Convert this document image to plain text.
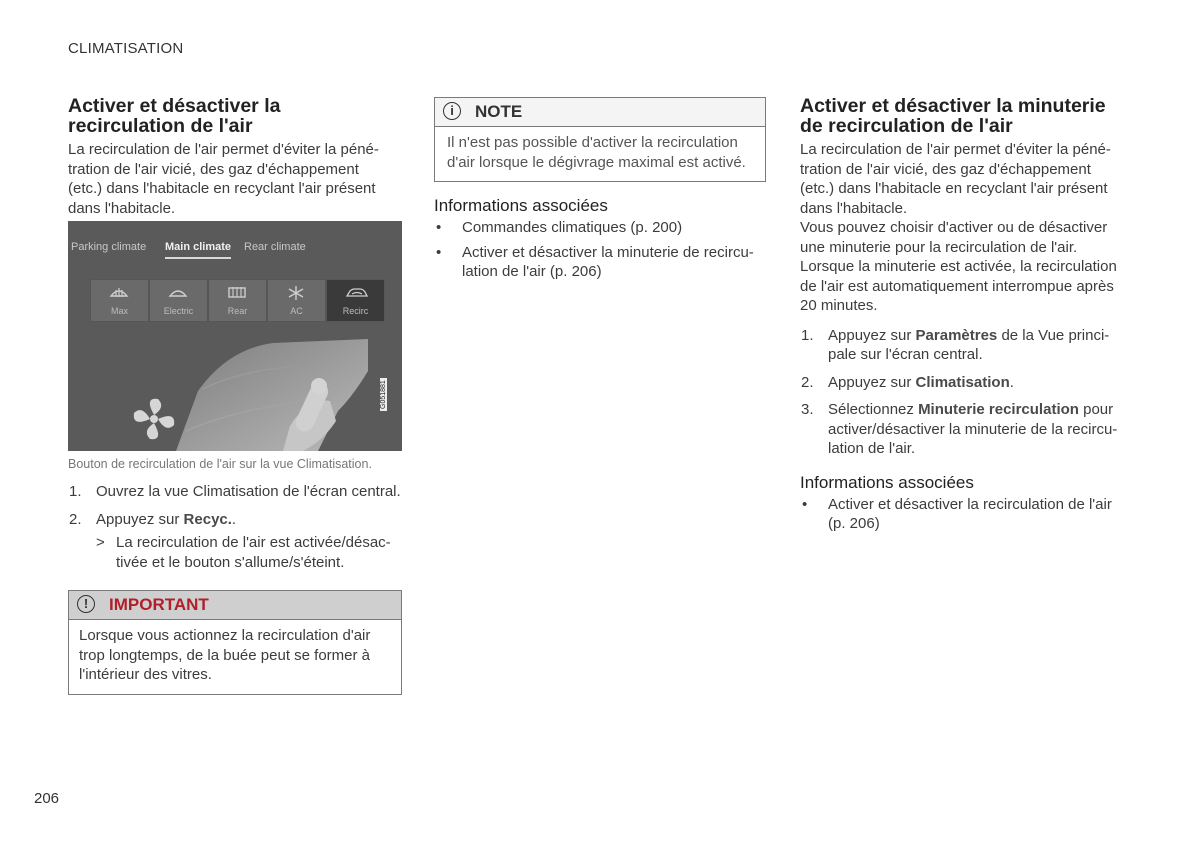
CLIMATISATION
Activer et désactiver la recirculation de l'air

La recirculation de l'air permet d'éviter la péné-
tration de l'air vicié, des gaz d'échappement
(etc.) dans l'habitacle en recyclant l'air présent
dans l'habitacle.

Parking climate Main climate Rear climate
Max	Electric	Rear	AC	Recirc
G051881
Bouton de recirculation de l'air sur la vue Climatisation.
1. Ouvrez la vue Climatisation de l'écran central.
2. Appuyez sur Recyc..
> La recirculation de l'air est activée/désac-
tivée et le bouton s'allume/s'éteint.
!	IMPORTANT
Lorsque vous actionnez la recirculation d'air
trop longtemps, de la buée peut se former à
l'intérieur des vitres.
i	NOTE
Il n'est pas possible d'activer la recirculation
d'air lorsque le dégivrage maximal est activé.
Informations associées
• Commandes climatiques (p. 200)
• Activer et désactiver la minuterie de recircu-
lation de l'air (p. 206)
Activer et désactiver la minuterie de recirculation de l'air

La recirculation de l'air permet d'éviter la péné-
tration de l'air vicié, des gaz d'échappement
(etc.) dans l'habitacle en recyclant l'air présent
dans l'habitacle.
Vous pouvez choisir d'activer ou de désactiver
une minuterie pour la recirculation de l'air.
Lorsque la minuterie est activée, la recirculation
de l'air est automatiquement interrompue après
20 minutes.

1. Appuyez sur Paramètres de la Vue princi-
pale sur l'écran central.
2. Appuyez sur Climatisation.
3. Sélectionnez Minuterie recirculation pour
activer/désactiver la minuterie de la recircu-
lation de l'air.
Informations associées
• Activer et désactiver la recirculation de l'air
(p. 206)
206
